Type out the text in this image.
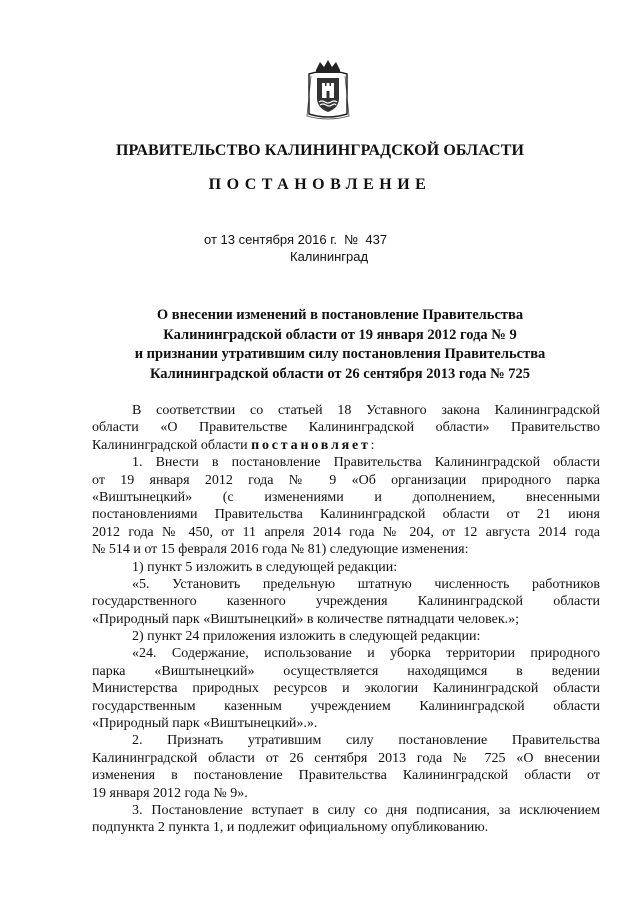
ПРАВИТЕЛЬСТВО КАЛИНИНГРАДСКОЙ ОБЛАСТИ
ПОСТАНОВЛЕНИЕ
от 13 сентября 2016 г.  №  437
Калининград
О внесении изменений в постановление Правительства
Калининградской области от 19 января 2012 года № 9
и признании утратившим силу постановления Правительства
Калининградской области от 26 сентября 2013 года № 725
В соответствии со статьей 18 Уставного закона Калининградской
области «О Правительстве Калининградской области» Правительство
Калининградской области постановляет:
1. Внести в постановление Правительства Калининградской области
от 19 января 2012 года № 9 «Об организации природного парка
«Виштынецкий» (с изменениями и дополнением, внесенными
постановлениями Правительства Калининградской области от 21 июня
2012 года № 450, от 11 апреля 2014 года № 204, от 12 августа 2014 года
№ 514 и от 15 февраля 2016 года № 81) следующие изменения:
1) пункт 5 изложить в следующей редакции:
«5. Установить предельную штатную численность работников
государственного казенного учреждения Калининградской области
«Природный парк «Виштынецкий» в количестве пятнадцати человек.»;
2) пункт 24 приложения изложить в следующей редакции:
«24. Содержание, использование и уборка территории природного
парка «Виштынецкий» осуществляется находящимся в ведении
Министерства природных ресурсов и экологии Калининградской области
государственным казенным учреждением Калининградской области
«Природный парк «Виштынецкий».».
2. Признать утратившим силу постановление Правительства
Калининградской области от 26 сентября 2013 года № 725 «О внесении
изменения в постановление Правительства Калининградской области от
19 января 2012 года № 9».
3. Постановление вступает в силу со дня подписания, за исключением
подпункта 2 пункта 1, и подлежит официальному опубликованию.
